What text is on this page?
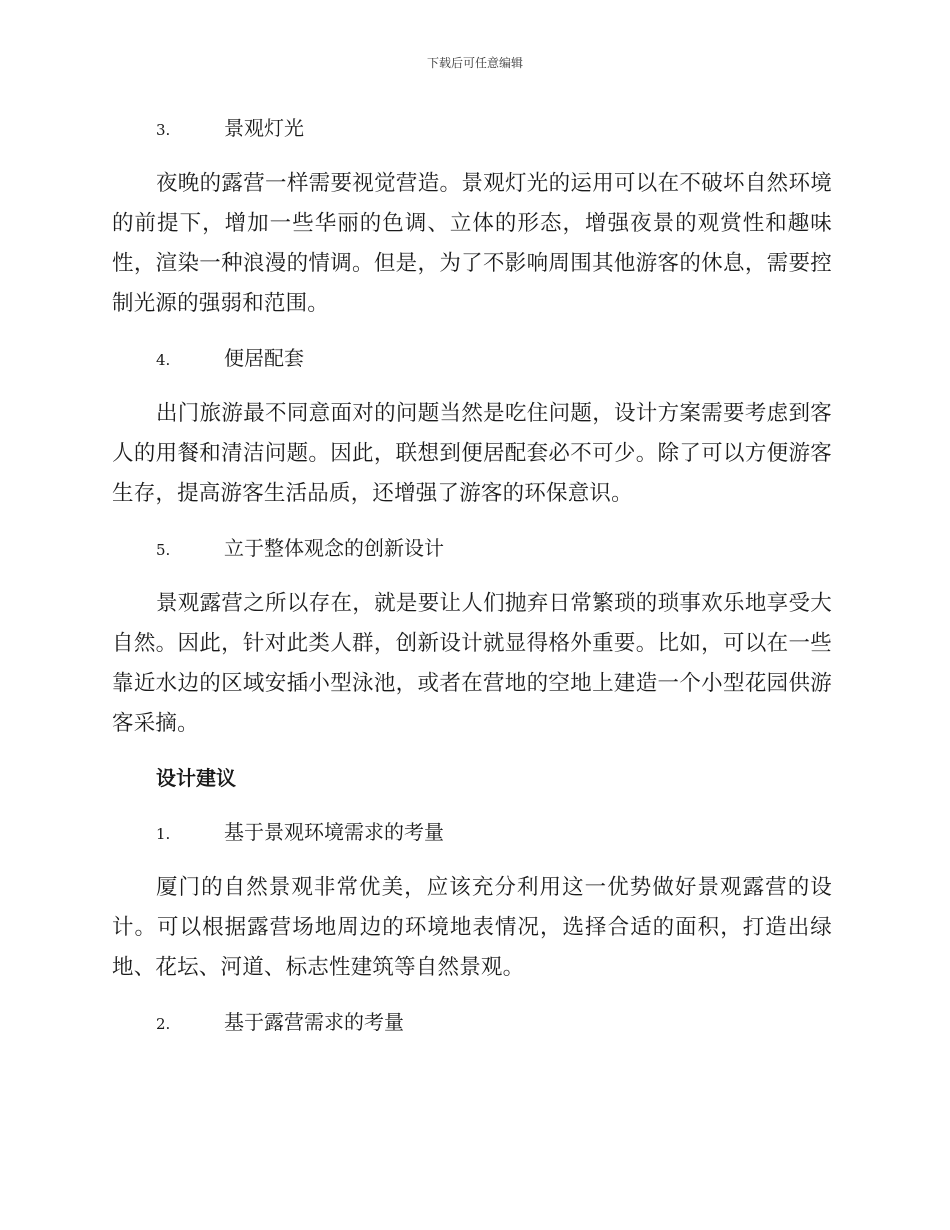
下载后可任意编辑
3.	景观灯光

夜晚的露营一样需要视觉营造。景观灯光的运用可以在不破坏自然环境的前提下，增加一些华丽的色调、立体的形态，增强夜景的观赏性和趣味性，渲染一种浪漫的情调。但是，为了不影响周围其他游客的休息，需要控制光源的强弱和范围。

4.	便居配套

出门旅游最不同意面对的问题当然是吃住问题，设计方案需要考虑到客人的用餐和清洁问题。因此，联想到便居配套必不可少。除了可以方便游客生存，提高游客生活品质，还增强了游客的环保意识。

5.	立于整体观念的创新设计

景观露营之所以存在，就是要让人们抛弃日常繁琐的琐事欢乐地享受大自然。因此，针对此类人群，创新设计就显得格外重要。比如，可以在一些靠近水边的区域安插小型泳池，或者在营地的空地上建造一个小型花园供游客采摘。

设计建议
1.	基于景观环境需求的考量

厦门的自然景观非常优美，应该充分利用这一优势做好景观露营的设计。可以根据露营场地周边的环境地表情况，选择合适的面积，打造出绿地、花坛、河道、标志性建筑等自然景观。

2.	基于露营需求的考量
